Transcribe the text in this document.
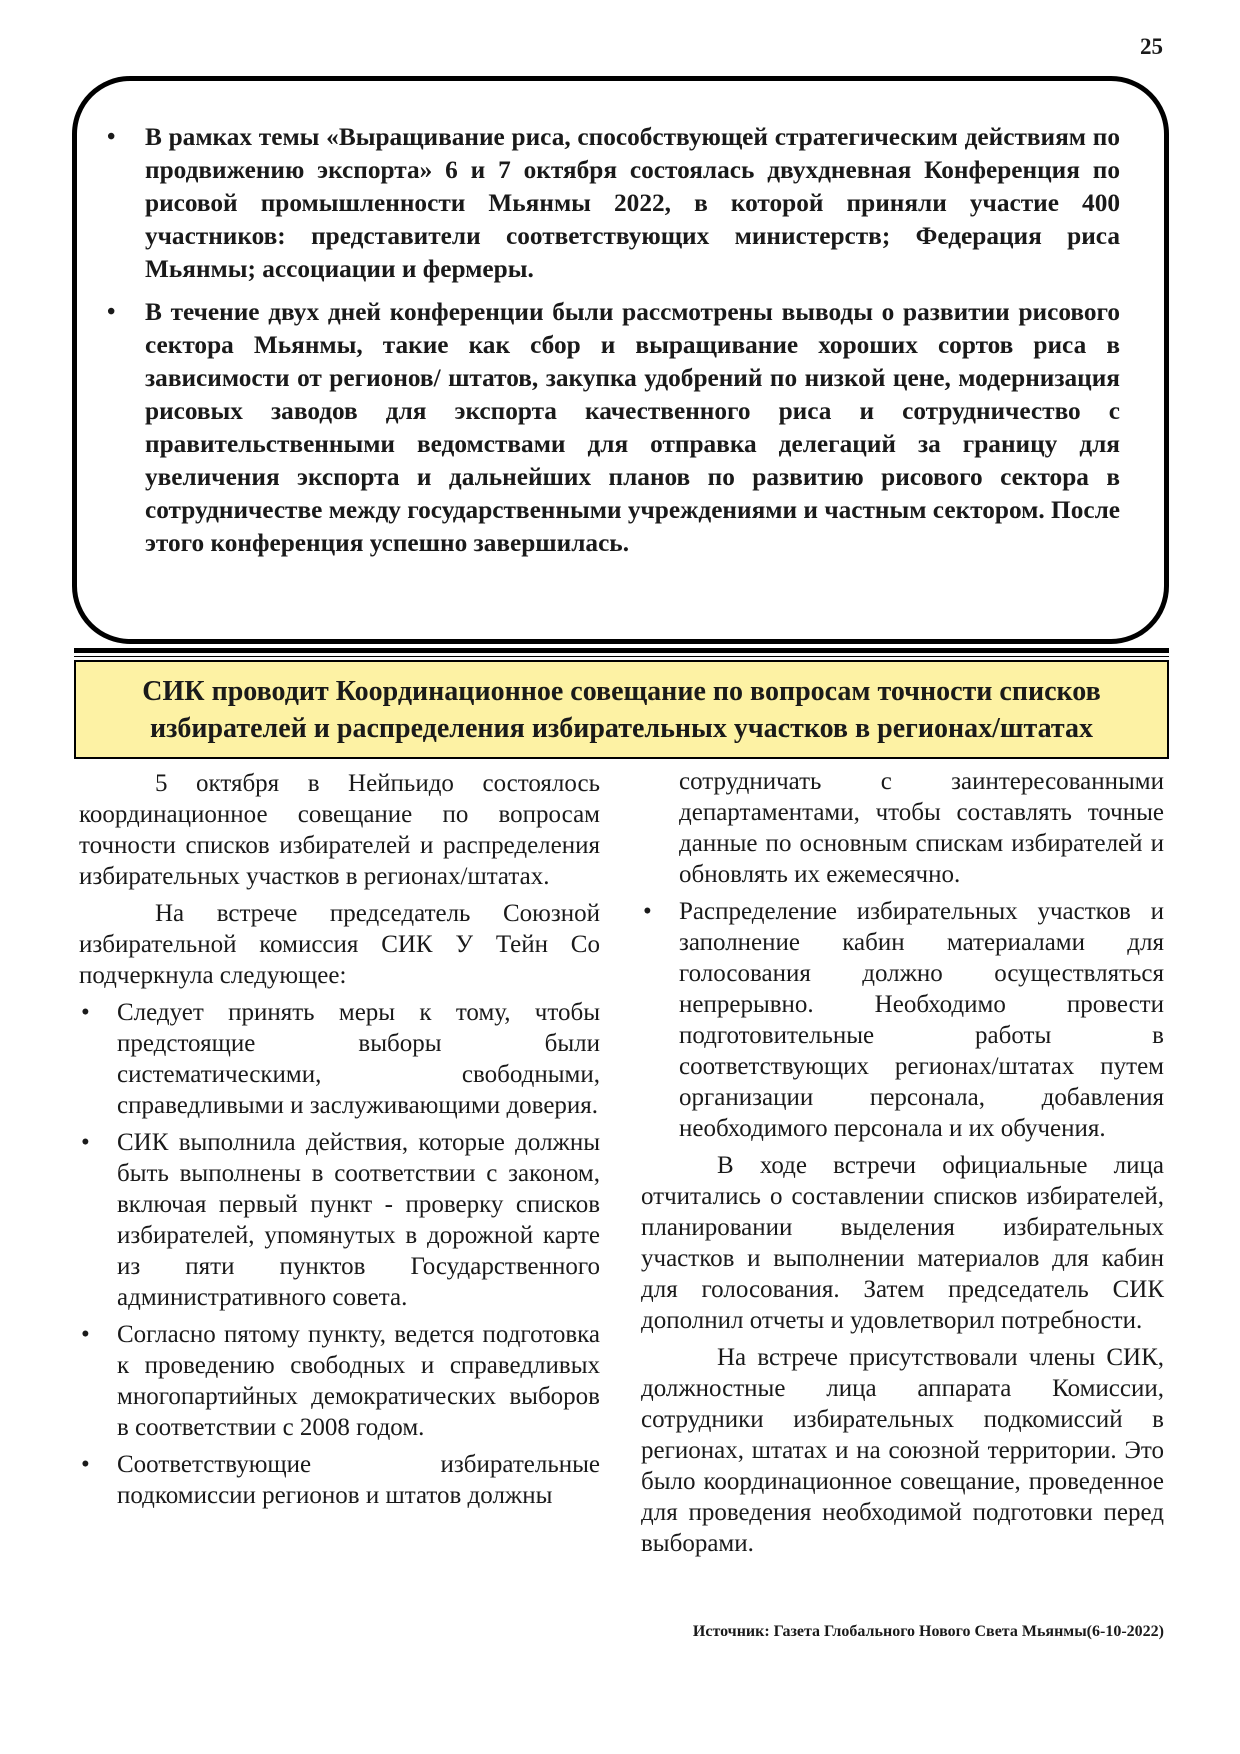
25
• В рамках темы «Выращивание риса, способствующей стратегическим действиям по продвижению экспорта» 6 и 7 октября состоялась двухдневная Конференция по рисовой промышленности Мьянмы 2022, в которой приняли участие 400 участников: представители соответствующих министерств; Федерация риса Мьянмы; ассоциации и фермеры.
• В течение двух дней конференции были рассмотрены выводы о развитии рисового сектора Мьянмы, такие как сбор и выращивание хороших сортов риса в зависимости от регионов/ штатов, закупка удобрений по низкой цене, модернизация рисовых заводов для экспорта качественного риса и сотрудничество с правительственными ведомствами для отправка делегаций за границу для увеличения экспорта и дальнейших планов по развитию рисового сектора в сотрудничестве между государственными учреждениями и частным сектором. После этого конференция успешно завершилась.
СИК проводит Координационное совещание по вопросам точности списков избирателей и распределения избирательных участков в регионах/штатах

5 октября в Нейпьидо состоялось координационное совещание по вопросам точности списков избирателей и распределения избирательных участков в регионах/штатах.

На встрече председатель Союзной избирательной комиссия СИК У Тейн Со подчеркнула следующее:

• Следует принять меры к тому, чтобы предстоящие выборы были систематическими, свободными, справедливыми и заслуживающими доверия.
• СИК выполнила действия, которые должны быть выполнены в соответствии с законом, включая первый пункт - проверку списков избирателей, упомянутых в дорожной карте из пяти пунктов Государственного административного совета.
• Согласно пятому пункту, ведется подготовка к проведению свободных и справедливых многопартийных демократических выборов в соответствии с 2008 годом.
• Соответствующие избирательные подкомиссии регионов и штатов должны
сотрудничать с заинтересованными департаментами, чтобы составлять точные данные по основным спискам избирателей и обновлять их ежемесячно.
• Распределение избирательных участков и заполнение кабин материалами для голосования должно осуществляться непрерывно. Необходимо провести подготовительные работы в соответствующих регионах/штатах путем организации персонала, добавления необходимого персонала и их обучения.

В ходе встречи официальные лица отчитались о составлении списков избирателей, планировании выделения избирательных участков и выполнении материалов для кабин для голосования. Затем председатель СИК дополнил отчеты и удовлетворил потребности.

На встрече присутствовали члены СИК, должностные лица аппарата Комиссии, сотрудники избирательных подкомиссий в регионах, штатах и на союзной территории. Это было координационное совещание, проведенное для проведения необходимой подготовки перед выборами.

Источник: Газета Глобального Нового Света Мьянмы(6-10-2022)
